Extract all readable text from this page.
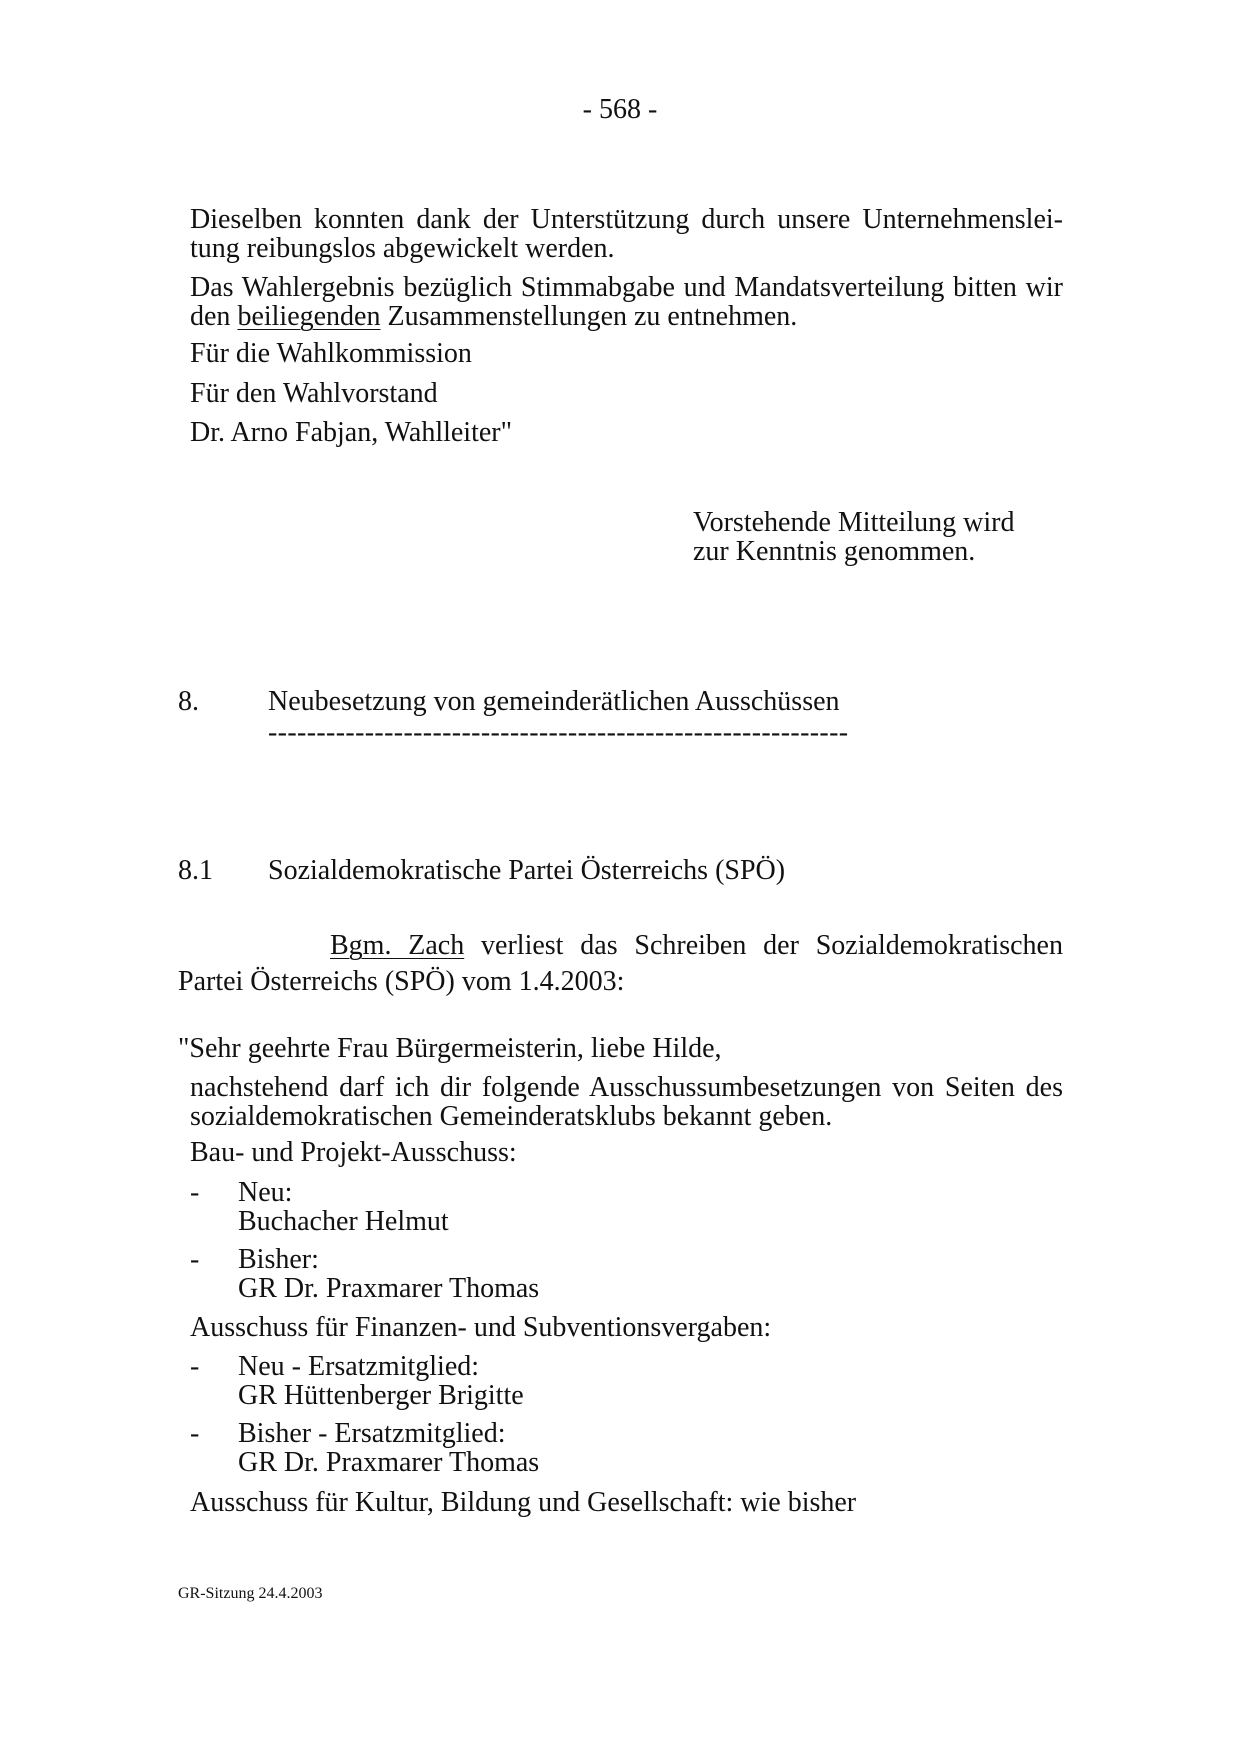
- 568 -
Dieselben konnten dank der Unterstützung durch unsere Unternehmenslei-tung reibungslos abgewickelt werden.
Das Wahlergebnis bezüglich Stimmabgabe und Mandatsverteilung bitten wir den beiliegenden Zusammenstellungen zu entnehmen.
Für die Wahlkommission
Für den Wahlvorstand
Dr. Arno Fabjan, Wahlleiter"
Vorstehende Mitteilung wird
zur Kenntnis genommen.
8. Neubesetzung von gemeinderätlichen Ausschüssen
------------------------------------------------------------
8.1 Sozialdemokratische Partei Österreichs (SPÖ)
Bgm. Zach verliest das Schreiben der Sozialdemokratischen
Partei Österreichs (SPÖ) vom 1.4.2003:
"Sehr geehrte Frau Bürgermeisterin, liebe Hilde,
nachstehend darf ich dir folgende Ausschussumbesetzungen von Seiten des sozialdemokratischen Gemeinderatsklubs bekannt geben.
Bau- und Projekt-Ausschuss:
- Neu:
Buchacher Helmut
- Bisher:
GR Dr. Praxmarer Thomas
Ausschuss für Finanzen- und Subventionsvergaben:
- Neu - Ersatzmitglied:
GR Hüttenberger Brigitte
- Bisher - Ersatzmitglied:
GR Dr. Praxmarer Thomas
Ausschuss für Kultur, Bildung und Gesellschaft: wie bisher
GR-Sitzung 24.4.2003
